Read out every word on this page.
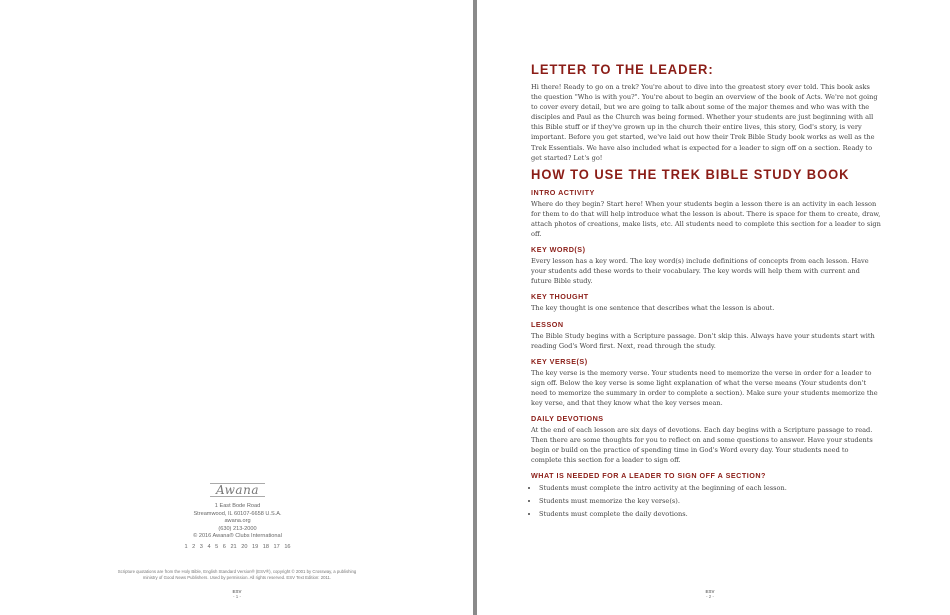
Awana
1 East Bode Road
Streamwood, IL 60107-6658 U.S.A.
awana.org
(630) 213-2000
© 2016 Awana® Clubs International
1 2 3 4 5 6 21 20 19 18 17 16
Scripture quotations are from the Holy Bible, English Standard Version® (ESV®), copyright © 2001 by Crossway, a publishing ministry of Good News Publishers. Used by permission. All rights reserved. ESV Text Edition: 2011.
ESV
- 1 -
LETTER TO THE LEADER:

Hi there! Ready to go on a trek? You're about to dive into the greatest story ever told. This book asks the question "Who is with you?". You're about to begin an overview of the book of Acts. We're not going to cover every detail, but we are going to talk about some of the major themes and who was with the disciples and Paul as the Church was being formed. Whether your students are just beginning with all this Bible stuff or if they've grown up in the church their entire lives, this story, God's story, is very important. Before you get started, we've laid out how their Trek Bible Study book works as well as the Trek Essentials. We have also included what is expected for a leader to sign off on a section. Ready to get started? Let's go!

HOW TO USE THE TREK BIBLE STUDY BOOK
INTRO ACTIVITY

Where do they begin? Start here! When your students begin a lesson there is an activity in each lesson for them to do that will help introduce what the lesson is about. There is space for them to create, draw, attach photos of creations, make lists, etc. All students need to complete this section for a leader to sign off.

KEY WORD(S)

Every lesson has a key word. The key word(s) include definitions of concepts from each lesson. Have your students add these words to their vocabulary. The key words will help them with current and future Bible study.

KEY THOUGHT

The key thought is one sentence that describes what the lesson is about.

LESSON

The Bible Study begins with a Scripture passage. Don't skip this. Always have your students start with reading God's Word first. Next, read through the study.

KEY VERSE(S)

The key verse is the memory verse. Your students need to memorize the verse in order for a leader to sign off. Below the key verse is some light explanation of what the verse means (Your students don't need to memorize the summary in order to complete a section). Make sure your students memorize the key verse, and that they know what the key verses mean.

DAILY DEVOTIONS

At the end of each lesson are six days of devotions. Each day begins with a Scripture passage to read. Then there are some thoughts for you to reflect on and some questions to answer. Have your students begin or build on the practice of spending time in God's Word every day. Your students need to complete this section for a leader to sign off.

WHAT IS NEEDED FOR A LEADER TO SIGN OFF A SECTION?
• Students must complete the intro activity at the beginning of each lesson.
• Students must memorize the key verse(s).
• Students must complete the daily devotions.
ESV
- 2 -
